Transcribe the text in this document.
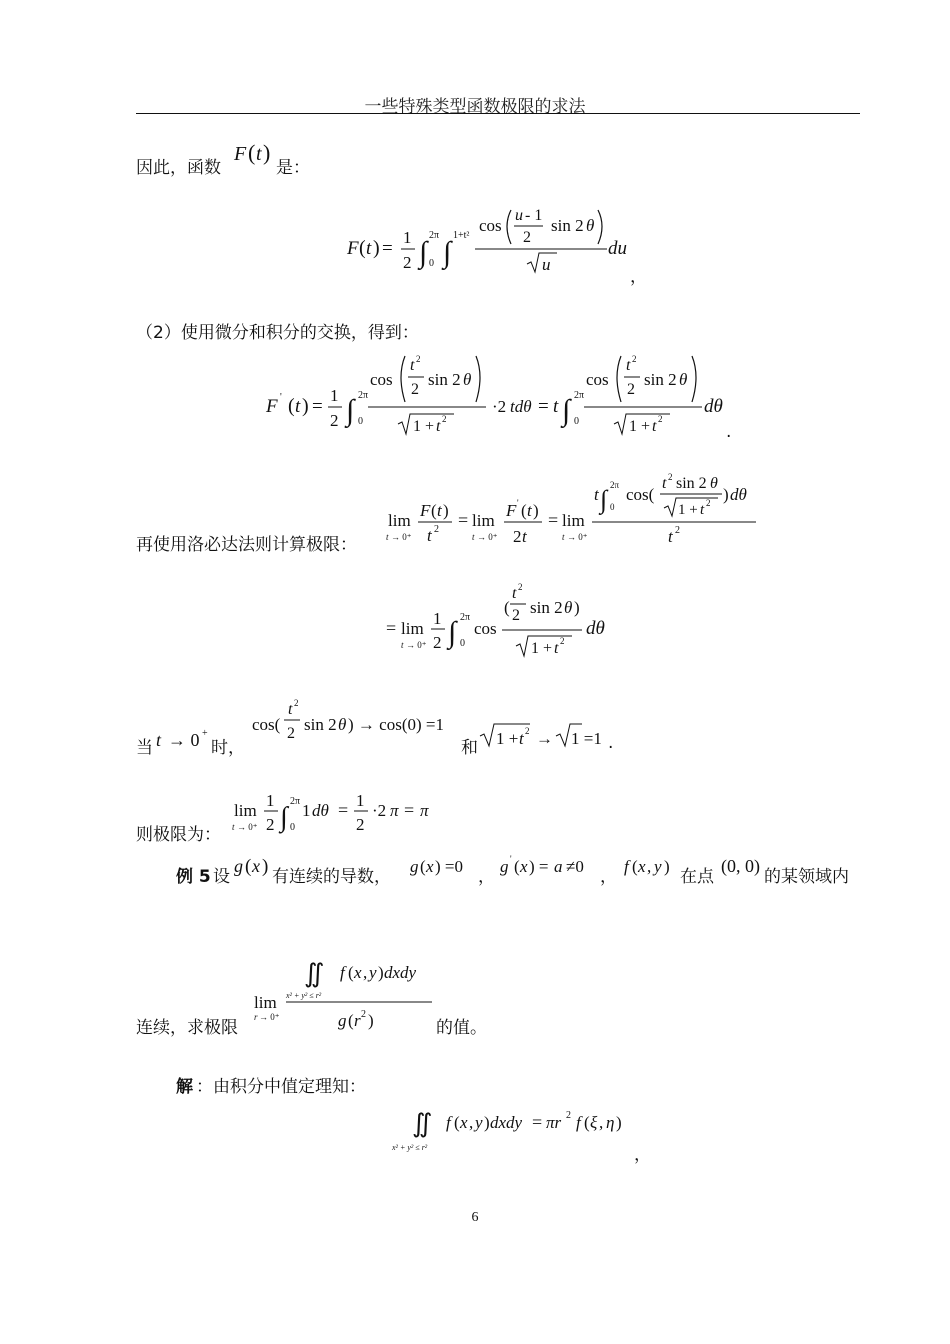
一些特殊类型函数极限的求法
因此，函数
F ( t )
是：
F ( t ) =
1
2 ∫
2π
0 ∫
1+t²
cos
u - 1
2
sin 2 θ
u
du
，
（2）使用微分和积分的交换，得到：
F ' ( t ) =
1
2 ∫ 2π
0
cos
t 2
2
sin 2 θ
1 + t 2
·2 tdθ = t ∫ 2π
0
cos
t 2
2
sin 2 θ
1 + t 2
dθ
.
再使用洛必达法则计算极限：
lim
t → 0⁺
F ( t )
t 2 = lim
t → 0⁺
F ' ( t )
2 t
= lim
t → 0⁺
t ∫ 2π
0
cos(
t 2 sin 2 θ
1 + t 2 ) dθ
t 2
= lim
t → 0⁺
1
2 ∫ 2π
0
cos
(
t 2
2 sin 2 θ )
1 + t 2
dθ
当 t → 0 +
时，
cos(
t 2
2 sin 2 θ ) → cos(0) =1
和 1 + t 2 → 1 =1 .
则极限为：
lim
t → 0⁺
1
2 ∫
2π
0
1 dθ = 1
2
·2 π = π
例 5 设
g ( x ) 有连续的导数，
g ( x ) =0
，
g ' ( x ) = a ≠0
，
f ( x , y )
在点
(0, 0)
的某领域内
连续，求极限
lim
r → 0⁺
∬
x² + y² ≤ r²
f ( x , y ) dxdy
g ( r 2 )	的值。
解 ：由积分中值定理知：
∬
x² + y² ≤ r²
f ( x , y ) dxdy = πr 2 f ( ξ , η )
，
6
